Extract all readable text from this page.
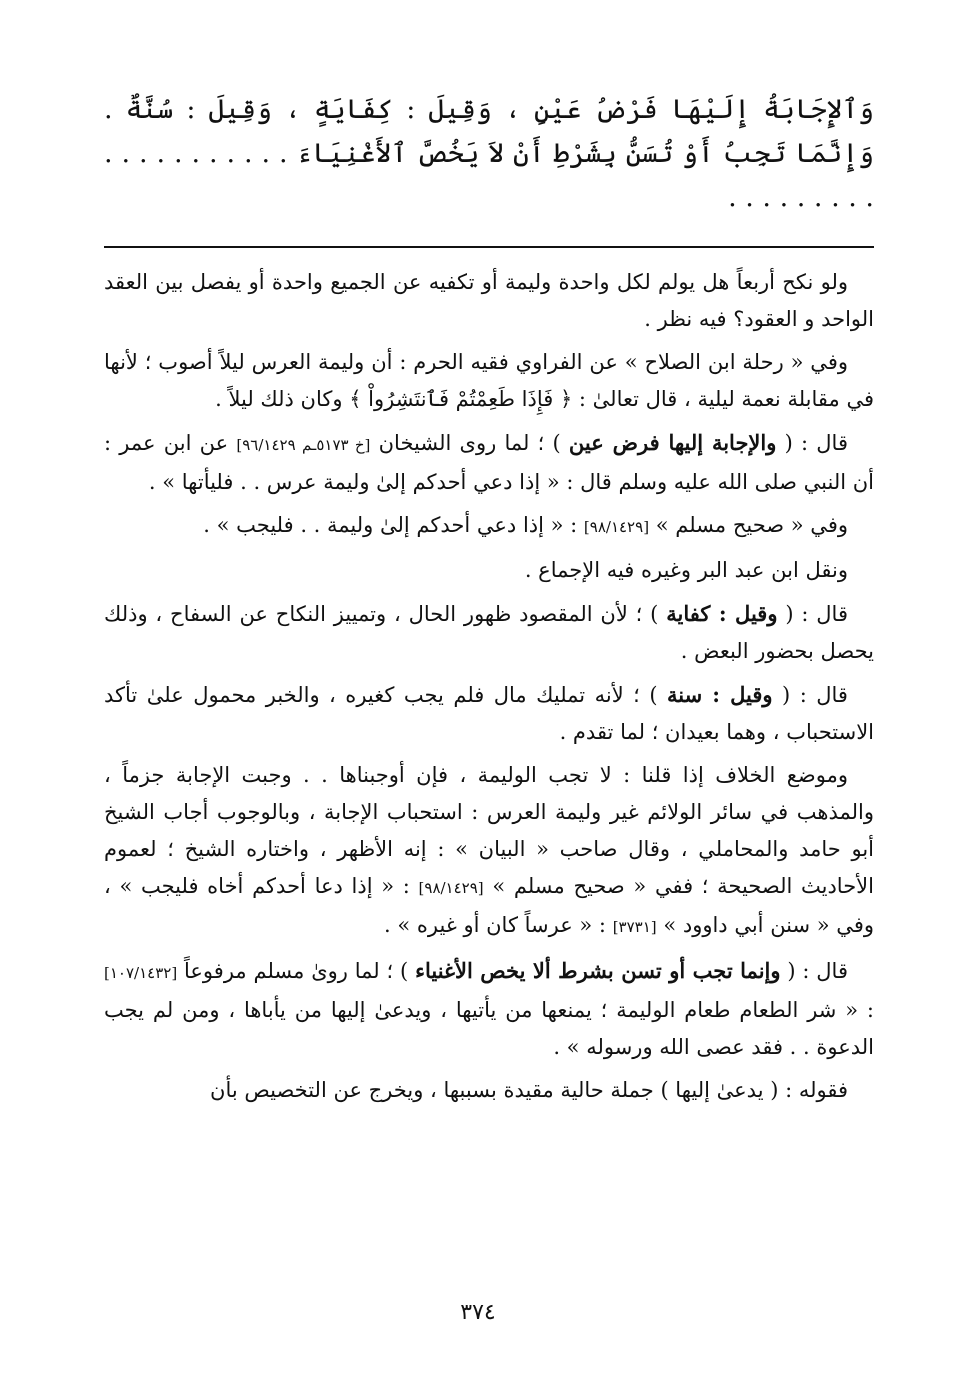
وَٱلإِجَابَةُ إِلَيْهَا فَرْضُ عَيْنٍ ، وَقِيلَ : كِفَايَةٍ ، وَقِيلَ : سُنَّةٌ . وَإِنَّمَا تَجِبُ أَوْ تُسَنُّ بِشَرْطِ أَنْ لاَ يَخُصَّ ٱلأَغْنِيَاءَ . . . . . . . . . . . . . . . . . . . .

ولو نكح أربعاً هل يولم لكل واحدة وليمة أو تكفيه عن الجميع واحدة أو يفصل بين العقد الواحد و العقود؟ فيه نظر .

وفي « رحلة ابن الصلاح » عن الفراوي فقيه الحرم : أن وليمة العرس ليلاً أصوب ؛ لأنها في مقابلة نعمة ليلية ، قال تعالىٰ : ﴿ فَإِذَا طَعِمْتُمْ فَٱنتَشِرُواْ ﴾ وكان ذلك ليلاً .

قال : ( والإجابة إليها فرض عين ) ؛ لما روى الشيخان [خ ٥١٧٣ـم ٩٦/١٤٢٩] عن ابن عمر : أن النبي صلى الله عليه وسلم قال : « إذا دعي أحدكم إلىٰ وليمة عرس . . فليأتها » .

وفي « صحيح مسلم » [٩٨/١٤٢٩] : « إذا دعي أحدكم إلىٰ وليمة . . فليجب » .

ونقل ابن عبد البر وغيره فيه الإجماع .

قال : ( وقيل : كفاية ) ؛ لأن المقصود ظهور الحال ، وتمييز النكاح عن السفاح ، وذلك يحصل بحضور البعض .

قال : ( وقيل : سنة ) ؛ لأنه تمليك مال فلم يجب كغيره ، والخبر محمول علىٰ تأكد الاستحباب ، وهما بعيدان ؛ لما تقدم .

وموضع الخلاف إذا قلنا : لا تجب الوليمة ، فإن أوجبناها . . وجبت الإجابة جزماً ، والمذهب في سائر الولائم غير وليمة العرس : استحباب الإجابة ، وبالوجوب أجاب الشيخ أبو حامد والمحاملي ، وقال صاحب « البيان » : إنه الأظهر ، واختاره الشيخ ؛ لعموم الأحاديث الصحيحة ؛ ففي « صحيح مسلم » [٩٨/١٤٢٩] : « إذا دعا أحدكم أخاه فليجب » ، وفي « سنن أبي داوود » [٣٧٣١] : « عرساً كان أو غيره » .

قال : ( وإنما تجب أو تسن بشرط ألا يخص الأغنياء ) ؛ لما روىٰ مسلم مرفوعاً [١٠٧/١٤٣٢] : « شر الطعام طعام الوليمة ؛ يمنعها من يأتيها ، ويدعىٰ إليها من يأباها ، ومن لم يجب الدعوة . . فقد عصى الله ورسوله » .

فقوله : ( يدعىٰ إليها ) جملة حالية مقيدة بسببها ، ويخرج عن التخصيص بأن

٣٧٤
